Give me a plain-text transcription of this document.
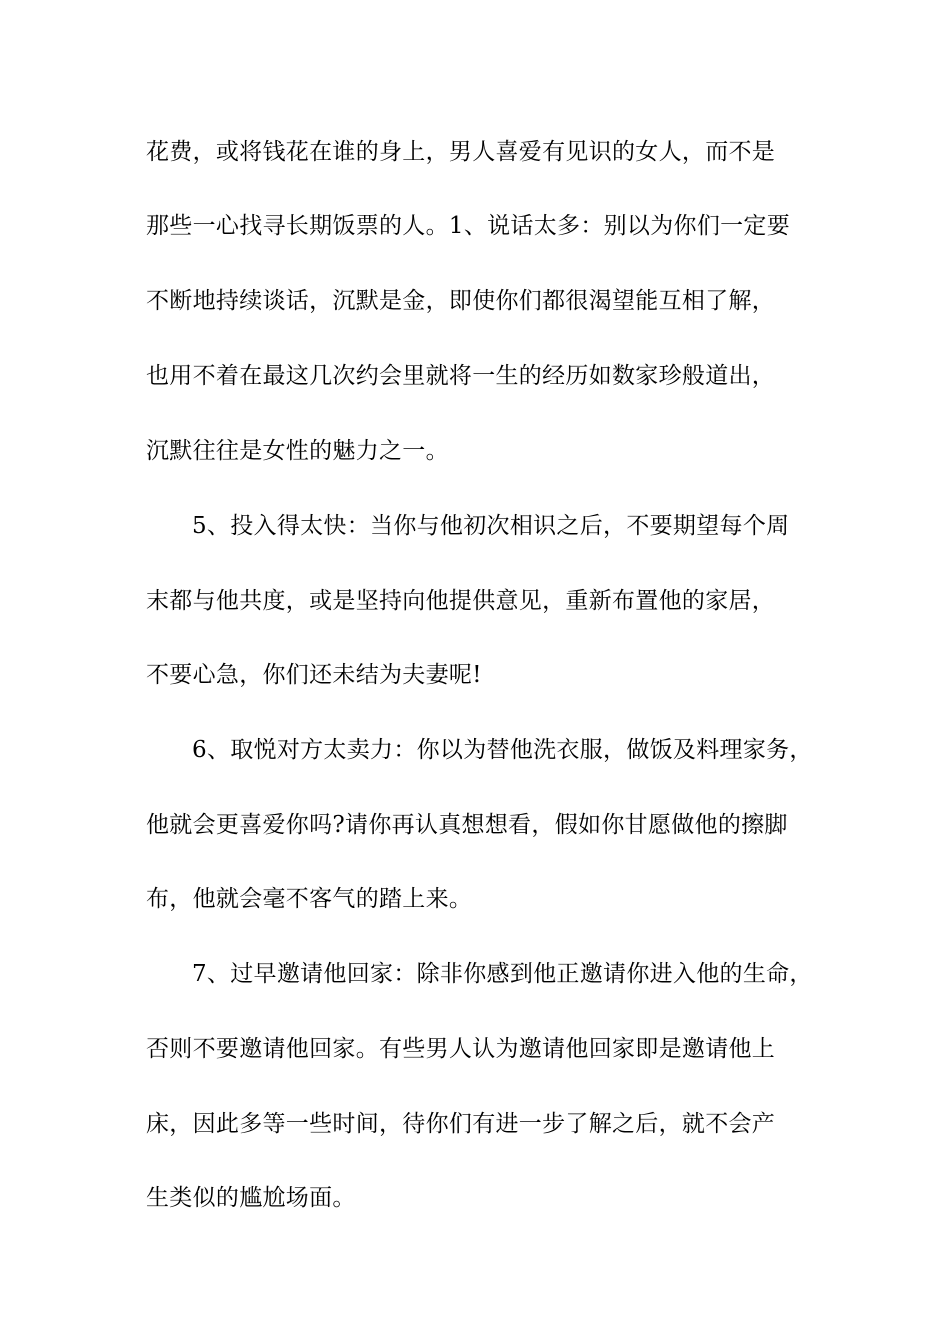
花费，或将钱花在谁的身上，男人喜爱有见识的女人，而不是
那些一心找寻长期饭票的人。1、说话太多：别以为你们一定要
不断地持续谈话，沉默是金，即使你们都很渴望能互相了解，
也用不着在最这几次约会里就将一生的经历如数家珍般道出，
沉默往往是女性的魅力之一。
5、投入得太快：当你与他初次相识之后，不要期望每个周
末都与他共度，或是坚持向他提供意见，重新布置他的家居，
不要心急，你们还未结为夫妻呢!
6、取悦对方太卖力：你以为替他洗衣服，做饭及料理家务，
他就会更喜爱你吗?请你再认真想想看，假如你甘愿做他的擦脚
布，他就会毫不客气的踏上来。
7、过早邀请他回家：除非你感到他正邀请你进入他的生命，
否则不要邀请他回家。有些男人认为邀请他回家即是邀请他上
床，因此多等一些时间，待你们有进一步了解之后，就不会产
生类似的尴尬场面。
